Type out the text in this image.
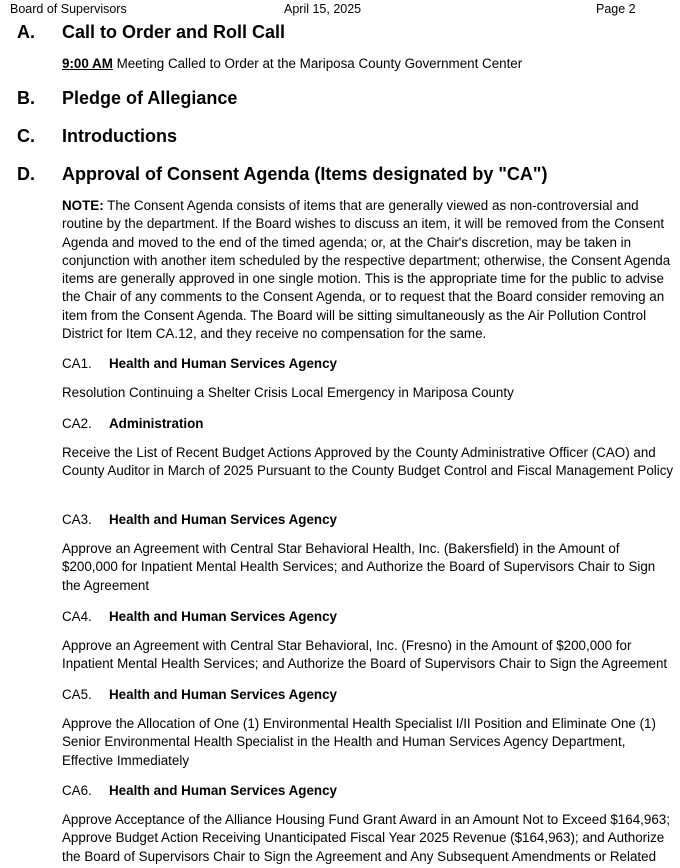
Board of Supervisors	April 15, 2025	Page 2
A. Call to Order and Roll Call
9:00 AM Meeting Called to Order at the Mariposa County Government Center
B. Pledge of Allegiance
C. Introductions
D. Approval of Consent Agenda (Items designated by "CA")
NOTE: The Consent Agenda consists of items that are generally viewed as non-controversial and routine by the department. If the Board wishes to discuss an item, it will be removed from the Consent Agenda and moved to the end of the timed agenda; or, at the Chair's discretion, may be taken in conjunction with another item scheduled by the respective department; otherwise, the Consent Agenda items are generally approved in one single motion. This is the appropriate time for the public to advise the Chair of any comments to the Consent Agenda, or to request that the Board consider removing an item from the Consent Agenda. The Board will be sitting simultaneously as the Air Pollution Control District for Item CA.12, and they receive no compensation for the same.
CA1. Health and Human Services Agency
Resolution Continuing a Shelter Crisis Local Emergency in Mariposa County
CA2. Administration
Receive the List of Recent Budget Actions Approved by the County Administrative Officer (CAO) and County Auditor in March of 2025 Pursuant to the County Budget Control and Fiscal Management Policy
CA3. Health and Human Services Agency
Approve an Agreement with Central Star Behavioral Health, Inc. (Bakersfield) in the Amount of $200,000 for Inpatient Mental Health Services; and Authorize the Board of Supervisors Chair to Sign the Agreement
CA4. Health and Human Services Agency
Approve an Agreement with Central Star Behavioral, Inc. (Fresno) in the Amount of $200,000 for Inpatient Mental Health Services; and Authorize the Board of Supervisors Chair to Sign the Agreement
CA5. Health and Human Services Agency
Approve the Allocation of One (1) Environmental Health Specialist I/II Position and Eliminate One (1) Senior Environmental Health Specialist in the Health and Human Services Agency Department, Effective Immediately
CA6. Health and Human Services Agency
Approve Acceptance of the Alliance Housing Fund Grant Award in an Amount Not to Exceed $164,963; Approve Budget Action Receiving Unanticipated Fiscal Year 2025 Revenue ($164,963); and Authorize the Board of Supervisors Chair to Sign the Agreement and Any Subsequent Amendments or Related
